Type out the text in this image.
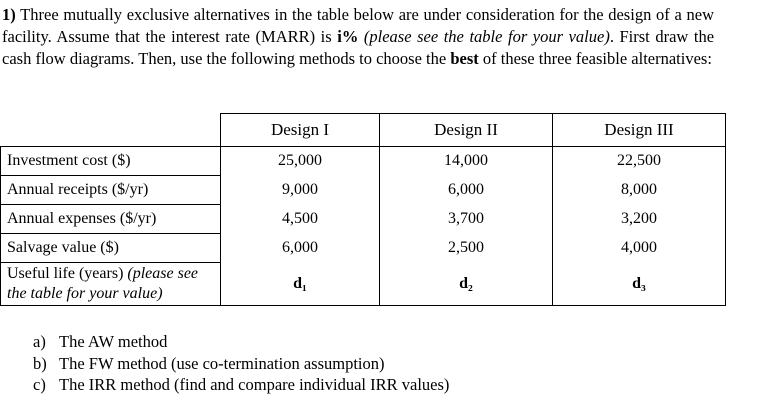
1) Three mutually exclusive alternatives in the table below are under consideration for the design of a new facility. Assume that the interest rate (MARR) is i% (please see the table for your value). First draw the cash flow diagrams. Then, use the following methods to choose the best of these three feasible alternatives:
	Design I	Design II	Design III
Investment cost ($)	25,000	14,000	22,500
Annual receipts ($/yr)	9,000	6,000	8,000
Annual expenses ($/yr)	4,500	3,700	3,200
Salvage value ($)	6,000	2,500	4,000
Useful life (years) (please see the table for your value)	d₁	d₂	d₃
a) The AW method
b) The FW method (use co-termination assumption)
c) The IRR method (find and compare individual IRR values)
